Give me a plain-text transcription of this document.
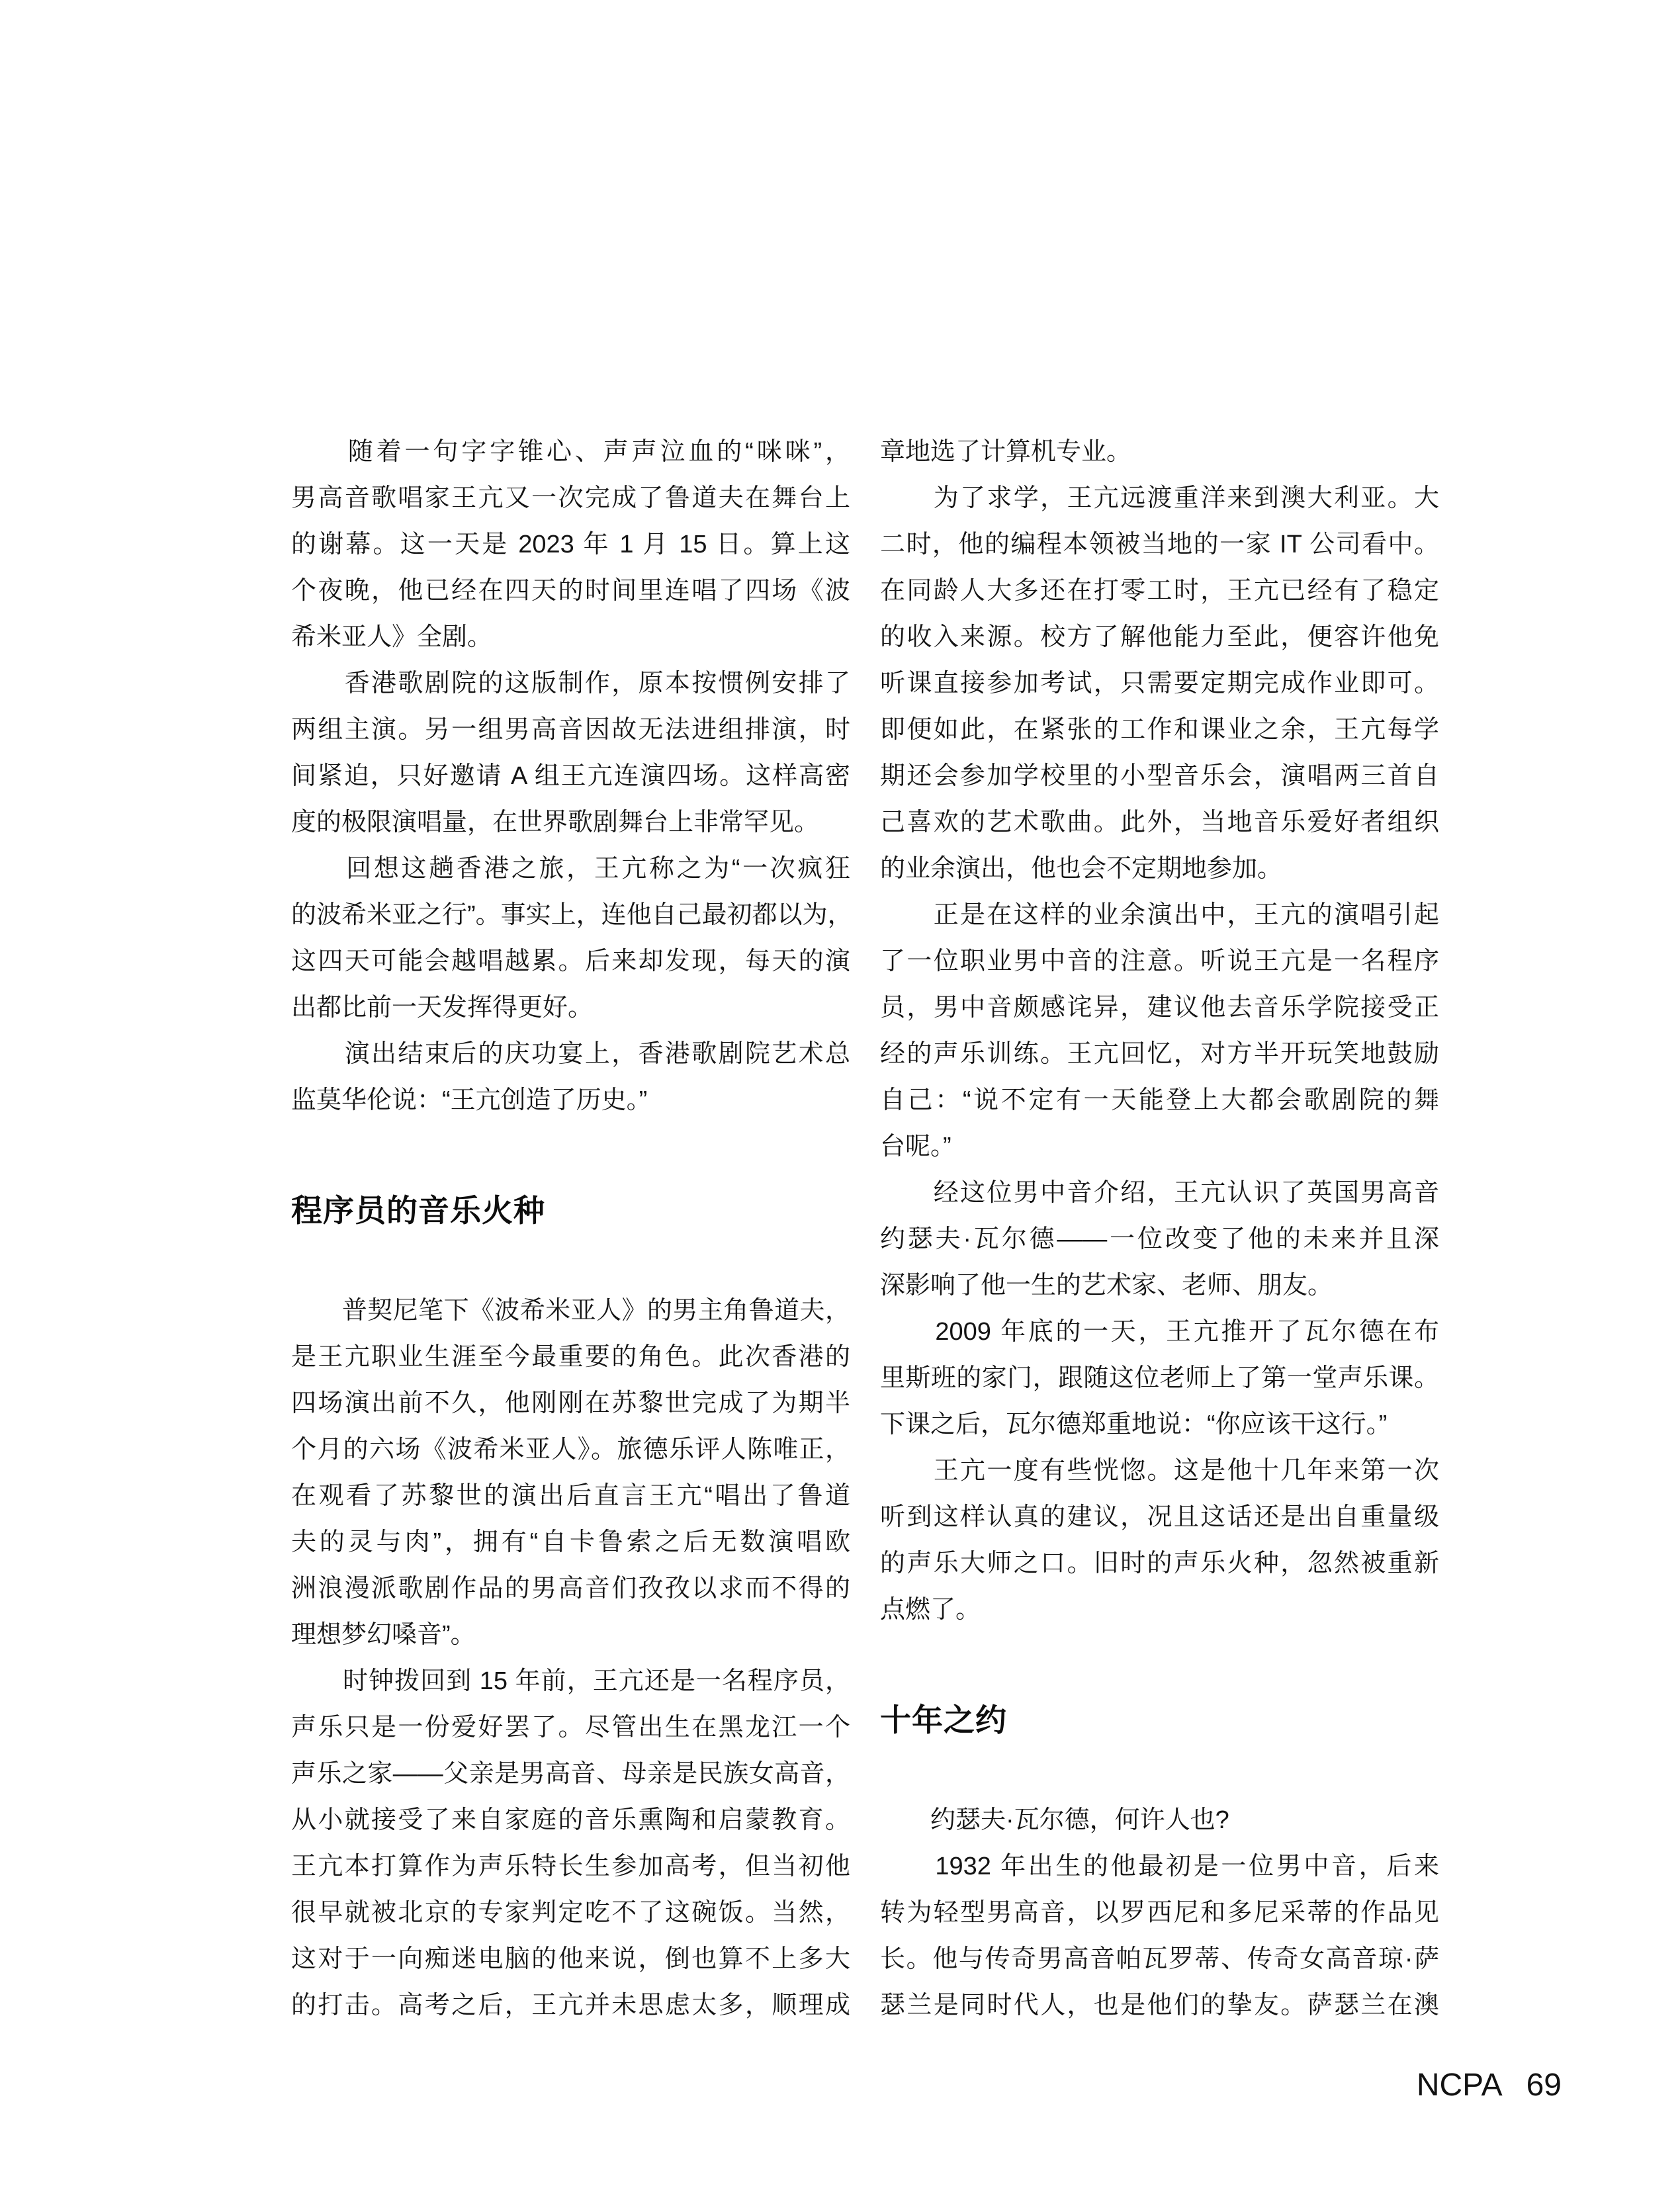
　　随着一句字字锥心、声声泣血的“咪咪”，
男高音歌唱家王亢又一次完成了鲁道夫在舞台上
的谢幕。这一天是 2023 年 1 月 15 日。算上这
个夜晚，他已经在四天的时间里连唱了四场《波
希米亚人》全剧。
　　香港歌剧院的这版制作，原本按惯例安排了
两组主演。另一组男高音因故无法进组排演，时
间紧迫，只好邀请 A 组王亢连演四场。这样高密
度的极限演唱量，在世界歌剧舞台上非常罕见。
　　回想这趟香港之旅，王亢称之为“一次疯狂
的波希米亚之行”。事实上，连他自己最初都以为，
这四天可能会越唱越累。后来却发现，每天的演
出都比前一天发挥得更好。
　　演出结束后的庆功宴上，香港歌剧院艺术总
监莫华伦说：“王亢创造了历史。”
程序员的音乐火种
　　普契尼笔下《波希米亚人》的男主角鲁道夫，
是王亢职业生涯至今最重要的角色。此次香港的
四场演出前不久，他刚刚在苏黎世完成了为期半
个月的六场《波希米亚人》。旅德乐评人陈唯正，
在观看了苏黎世的演出后直言王亢“唱出了鲁道
夫的灵与肉”，拥有“自卡鲁索之后无数演唱欧
洲浪漫派歌剧作品的男高音们孜孜以求而不得的
理想梦幻嗓音”。
　　时钟拨回到 15 年前，王亢还是一名程序员，
声乐只是一份爱好罢了。尽管出生在黑龙江一个
声乐之家——父亲是男高音、母亲是民族女高音，
从小就接受了来自家庭的音乐熏陶和启蒙教育。
王亢本打算作为声乐特长生参加高考，但当初他
很早就被北京的专家判定吃不了这碗饭。当然，
这对于一向痴迷电脑的他来说，倒也算不上多大
的打击。高考之后，王亢并未思虑太多，顺理成
章地选了计算机专业。
　　为了求学，王亢远渡重洋来到澳大利亚。大
二时，他的编程本领被当地的一家 IT 公司看中。
在同龄人大多还在打零工时，王亢已经有了稳定
的收入来源。校方了解他能力至此，便容许他免
听课直接参加考试，只需要定期完成作业即可。
即便如此，在紧张的工作和课业之余，王亢每学
期还会参加学校里的小型音乐会，演唱两三首自
己喜欢的艺术歌曲。此外，当地音乐爱好者组织
的业余演出，他也会不定期地参加。
　　正是在这样的业余演出中，王亢的演唱引起
了一位职业男中音的注意。听说王亢是一名程序
员，男中音颇感诧异，建议他去音乐学院接受正
经的声乐训练。王亢回忆，对方半开玩笑地鼓励
自己：“说不定有一天能登上大都会歌剧院的舞
台呢。”
　　经这位男中音介绍，王亢认识了英国男高音
约瑟夫·瓦尔德——一位改变了他的未来并且深
深影响了他一生的艺术家、老师、朋友。
　　2009 年底的一天，王亢推开了瓦尔德在布
里斯班的家门，跟随这位老师上了第一堂声乐课。
下课之后，瓦尔德郑重地说：“你应该干这行。”
　　王亢一度有些恍惚。这是他十几年来第一次
听到这样认真的建议，况且这话还是出自重量级
的声乐大师之口。旧时的声乐火种，忽然被重新
点燃了。
十年之约
　　约瑟夫·瓦尔德，何许人也?
　　1932 年出生的他最初是一位男中音，后来
转为轻型男高音，以罗西尼和多尼采蒂的作品见
长。他与传奇男高音帕瓦罗蒂、传奇女高音琼·萨
瑟兰是同时代人，也是他们的挚友。萨瑟兰在澳
NCPA 69
